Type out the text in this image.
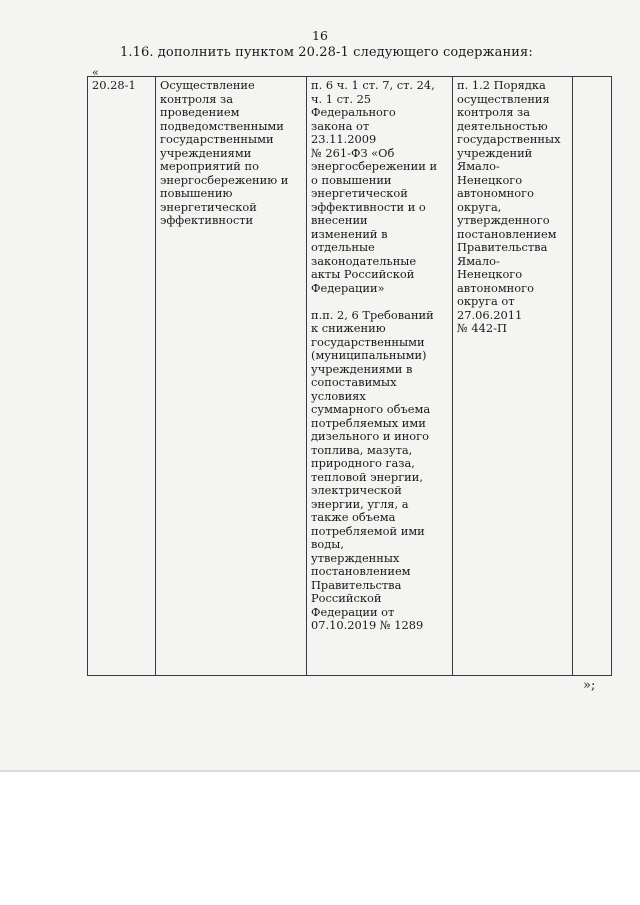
16
1.16. дополнить пунктом 20.28-1 следующего содержания:
«
20.28-1	Осуществление
контроля за
проведением
подведомственными
государственными
учреждениями
мероприятий по
энергосбережению и
повышению
энергетической
эффективности	п. 6 ч. 1 ст. 7, ст. 24,
ч. 1 ст. 25
Федерального
закона от
23.11.2009
№ 261-ФЗ «Об
энергосбережении и
о повышении
энергетической
эффективности и о
внесении
изменений в
отдельные
законодательные
акты Российской
Федерации»

п.п. 2, 6 Требований
к снижению
государственными
(муниципальными)
учреждениями в
сопоставимых
условиях
суммарного объема
потребляемых ими
дизельного и иного
топлива, мазута,
природного газа,
тепловой энергии,
электрической
энергии, угля, а
также объема
потребляемой ими
воды,
утвержденных
постановлением
Правительства
Российской
Федерации от
07.10.2019 № 1289	п. 1.2 Порядка
осуществления
контроля за
деятельностью
государственных
учреждений
Ямало-
Ненецкого
автономного
округа,
утвержденного
постановлением
Правительства
Ямало-
Ненецкого
автономного
округа от
27.06.2011
№ 442-П	
»;
